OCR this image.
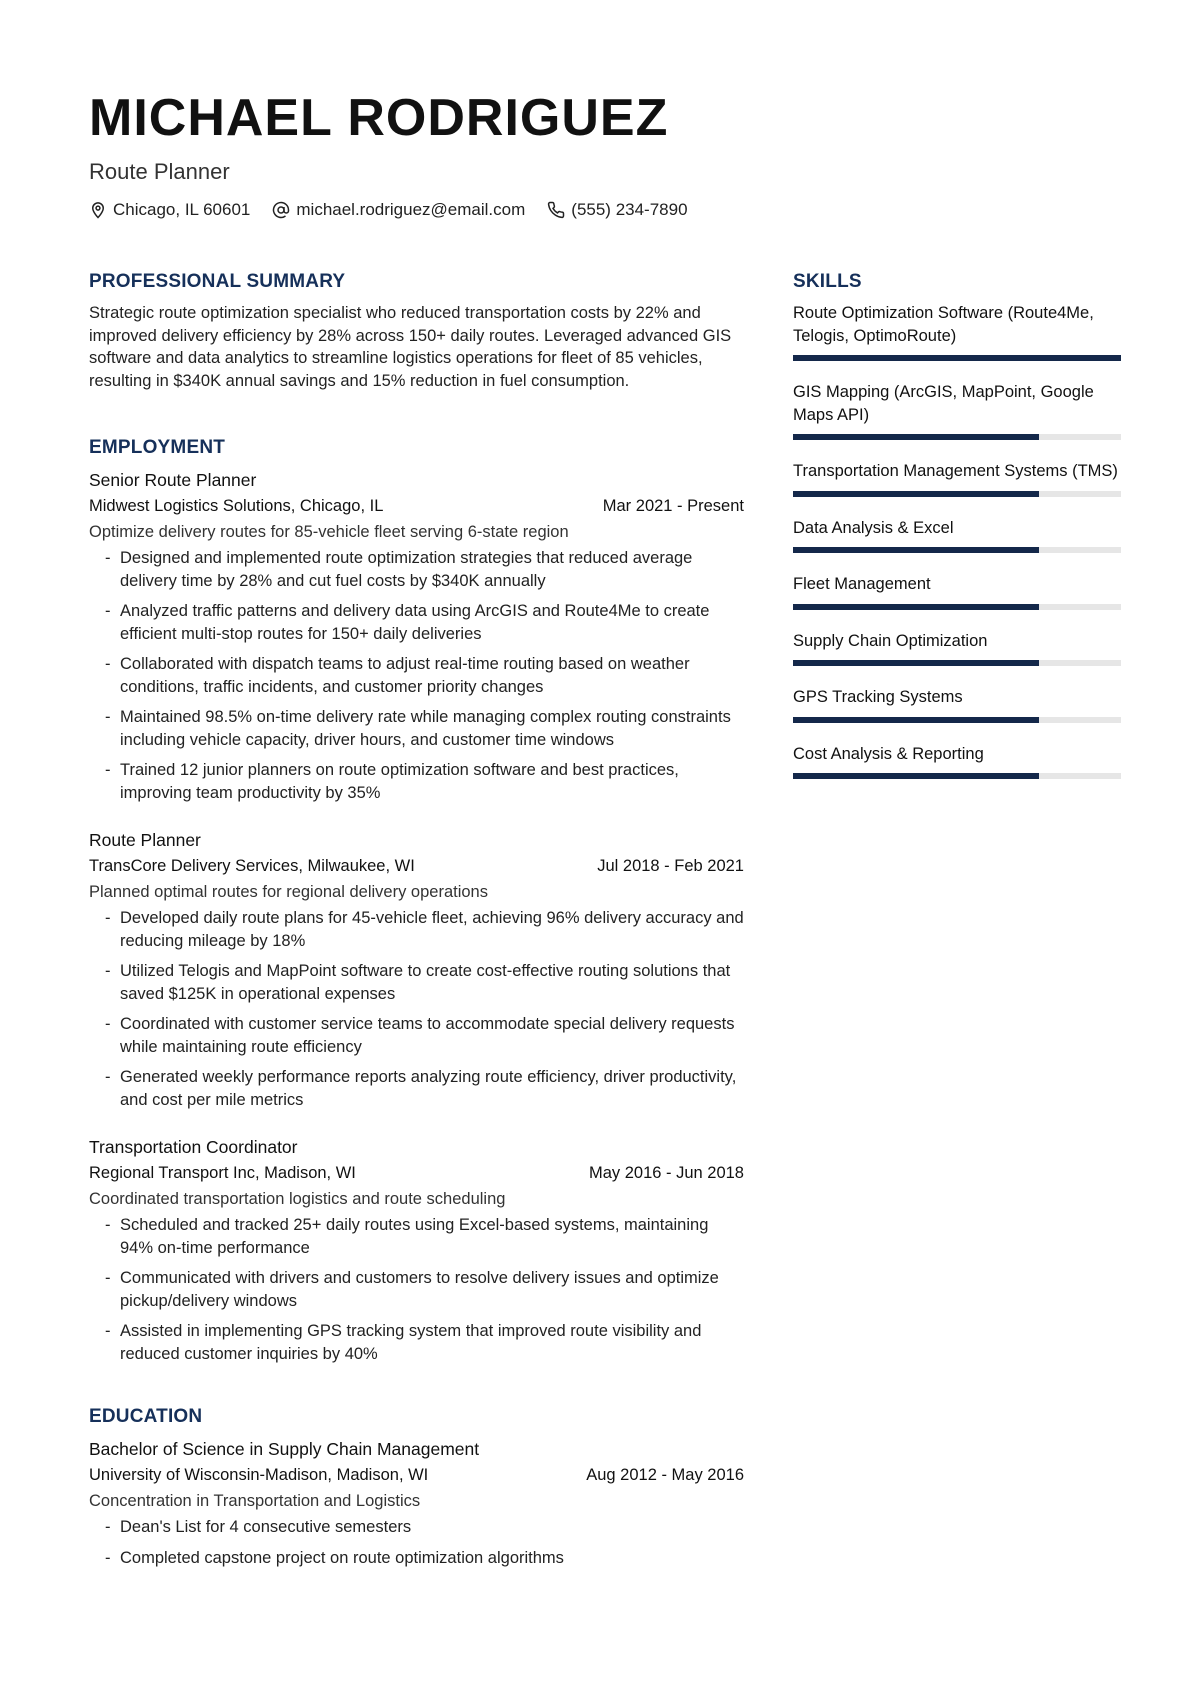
MICHAEL RODRIGUEZ
Route Planner
Chicago, IL 60601	michael.rodriguez@email.com	(555) 234-7890
PROFESSIONAL SUMMARY

Strategic route optimization specialist who reduced transportation costs by 22% and improved delivery efficiency by 28% across 150+ daily routes. Leveraged advanced GIS software and data analytics to streamline logistics operations for fleet of 85 vehicles, resulting in $340K annual savings and 15% reduction in fuel consumption.

EMPLOYMENT
Senior Route Planner
Midwest Logistics Solutions, Chicago, IL	Mar 2021 - Present
Optimize delivery routes for 85-vehicle fleet serving 6-state region
- Designed and implemented route optimization strategies that reduced average delivery time by 28% and cut fuel costs by $340K annually
- Analyzed traffic patterns and delivery data using ArcGIS and Route4Me to create efficient multi-stop routes for 150+ daily deliveries
- Collaborated with dispatch teams to adjust real-time routing based on weather conditions, traffic incidents, and customer priority changes
- Maintained 98.5% on-time delivery rate while managing complex routing constraints including vehicle capacity, driver hours, and customer time windows
- Trained 12 junior planners on route optimization software and best practices, improving team productivity by 35%
Route Planner
TransCore Delivery Services, Milwaukee, WI	Jul 2018 - Feb 2021
Planned optimal routes for regional delivery operations
- Developed daily route plans for 45-vehicle fleet, achieving 96% delivery accuracy and reducing mileage by 18%
- Utilized Telogis and MapPoint software to create cost-effective routing solutions that saved $125K in operational expenses
- Coordinated with customer service teams to accommodate special delivery requests while maintaining route efficiency
- Generated weekly performance reports analyzing route efficiency, driver productivity, and cost per mile metrics
Transportation Coordinator
Regional Transport Inc, Madison, WI	May 2016 - Jun 2018
Coordinated transportation logistics and route scheduling
- Scheduled and tracked 25+ daily routes using Excel-based systems, maintaining 94% on-time performance
- Communicated with drivers and customers to resolve delivery issues and optimize pickup/delivery windows
- Assisted in implementing GPS tracking system that improved route visibility and reduced customer inquiries by 40%
EDUCATION
Bachelor of Science in Supply Chain Management
University of Wisconsin-Madison, Madison, WI	Aug 2012 - May 2016
Concentration in Transportation and Logistics
- Dean's List for 4 consecutive semesters
- Completed capstone project on route optimization algorithms
SKILLS
Route Optimization Software (Route4Me, Telogis, OptimoRoute)
GIS Mapping (ArcGIS, MapPoint, Google Maps API)
Transportation Management Systems (TMS)
Data Analysis & Excel
Fleet Management
Supply Chain Optimization
GPS Tracking Systems
Cost Analysis & Reporting
